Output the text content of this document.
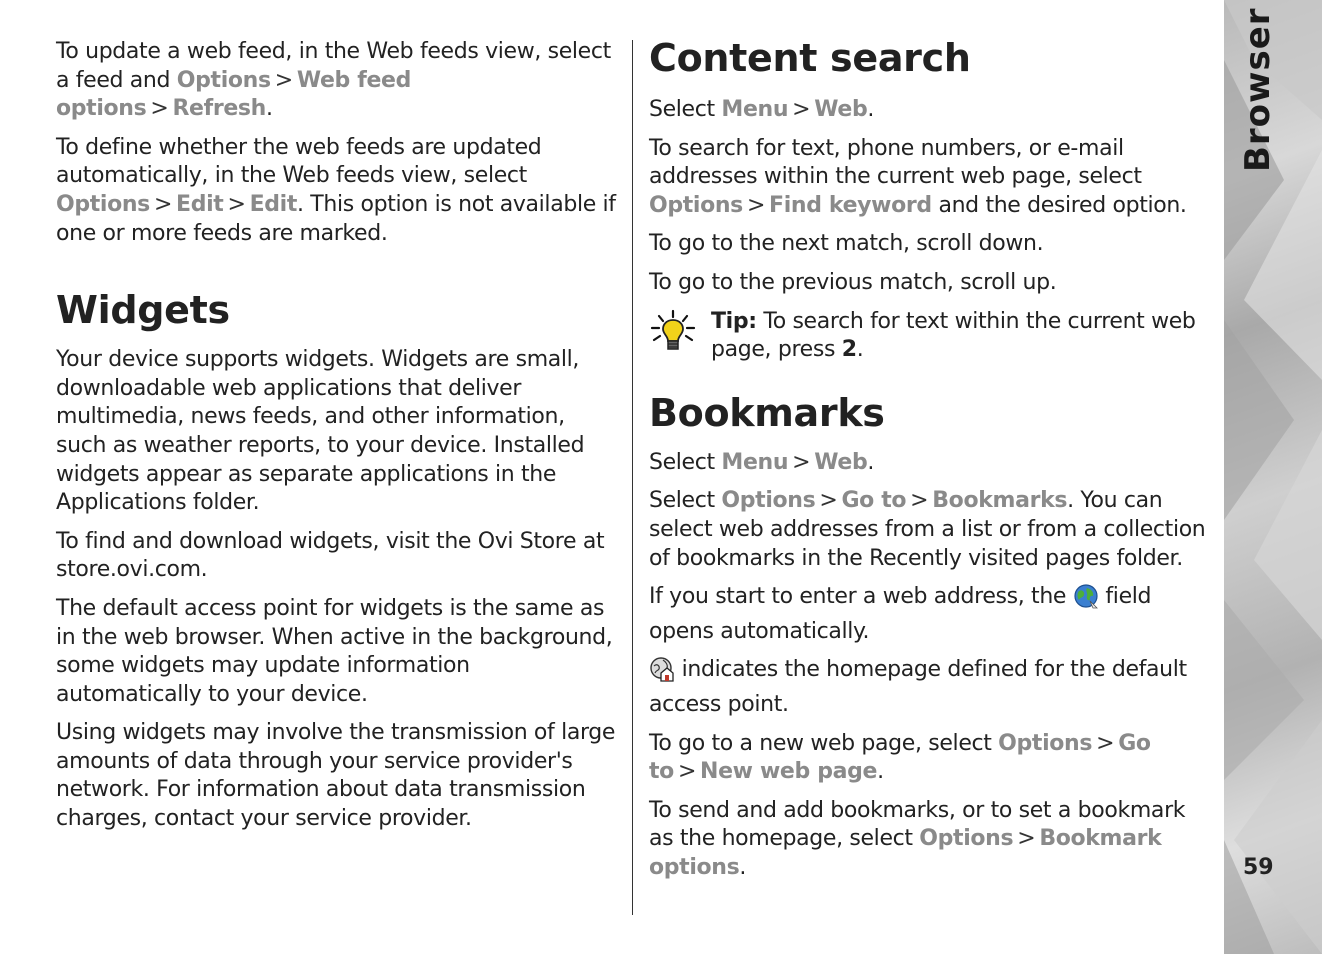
To update a web feed, in the Web feeds view, select a feed and Options > Web feed options > Refresh.

To define whether the web feeds are updated automatically, in the Web feeds view, select Options > Edit > Edit. This option is not available if one or more feeds are marked.

Widgets

Your device supports widgets. Widgets are small, downloadable web applications that deliver multimedia, news feeds, and other information, such as weather reports, to your device. Installed widgets appear as separate applications in the Applications folder.

To find and download widgets, visit the Ovi Store at store.ovi.com.

The default access point for widgets is the same as in the web browser. When active in the background, some widgets may update information automatically to your device.

Using widgets may involve the transmission of large amounts of data through your service provider's network. For information about data transmission charges, contact your service provider.

Content search

Select Menu > Web.

To search for text, phone numbers, or e-mail addresses within the current web page, select Options > Find keyword and the desired option.

To go to the next match, scroll down.

To go to the previous match, scroll up.

Tip: To search for text within the current web page, press 2.

Bookmarks

Select Menu > Web.

Select Options > Go to > Bookmarks. You can select web addresses from a list or from a collection of bookmarks in the Recently visited pages folder.

If you start to enter a web address, the  field opens automatically.

indicates the homepage defined for the default access point.

To go to a new web page, select Options > Go to > New web page.

To send and add bookmarks, or to set a bookmark as the homepage, select Options > Bookmark options.

Browser
59
